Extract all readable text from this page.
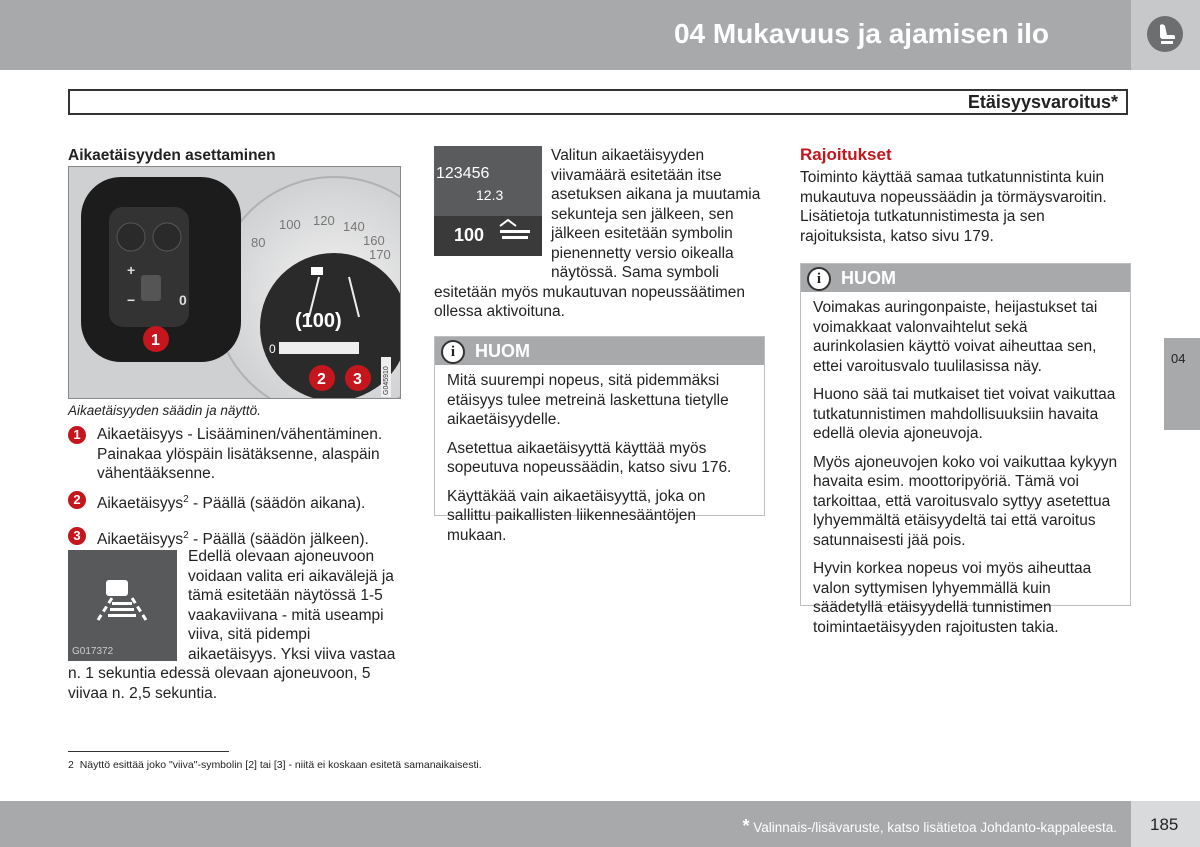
04 Mukavuus ja ajamisen ilo
Etäisyysvaroitus*
Aikaetäisyyden asettaminen
80
100 120 140
160
170
+
−	0
(100)
0
G045910
1
2 3
Aikaetäisyyden säädin ja näyttö.
1	Aikaetäisyys - Lisääminen/vähentäminen. Painakaa ylöspäin lisätäksenne, alaspäin vähentääksenne.
2	Aikaetäisyys$^2$ - Päällä (säädön aikana).
3	Aikaetäisyys$^2$ - Päällä (säädön jälkeen).
G017372
Edellä olevaan ajoneuvoon voidaan valita eri aikavälejä ja tämä esitetään näytössä 1-5 vaakaviivana - mitä useampi viiva, sitä pidempi aikaetäisyys. Yksi viiva vastaa n. 1 sekuntia edessä olevaan ajoneuvoon, 5 viivaa n. 2,5 sekuntia.
123456
12.3
100
Valitun aikaetäisyyden viivamäärä esitetään itse asetuksen aikana ja muutamia sekunteja sen jälkeen, sen jälkeen esitetään symbolin pienennetty versio oikealla näytössä. Sama symboli esitetään myös mukautuvan nopeussäätimen ollessa aktivoituna.
i	HUOM
Mitä suurempi nopeus, sitä pidemmäksi etäisyys tulee metreinä laskettuna tietylle aikaetäisyydelle.
Asetettua aikaetäisyyttä käyttää myös sopeutuva nopeussäädin, katso sivu 176.
Käyttäkää vain aikaetäisyyttä, joka on sallittu paikallisten liikennesääntöjen mukaan.
Rajoitukset
Toiminto käyttää samaa tutkatunnistinta kuin mukautuva nopeussäädin ja törmäysvaroitin. Lisätietoja tutkatunnistimesta ja sen rajoituksista, katso sivu 179.
i	HUOM
Voimakas auringonpaiste, heijastukset tai voimakkaat valonvaihtelut sekä aurinkolasien käyttö voivat aiheuttaa sen, ettei varoitusvalo tuulilasissa näy.
Huono sää tai mutkaiset tiet voivat vaikuttaa tutkatunnistimen mahdollisuuksiin havaita edellä olevia ajoneuvoja.
Myös ajoneuvojen koko voi vaikuttaa kykyyn havaita esim. moottoripyöriä. Tämä voi tarkoittaa, että varoitusvalo syttyy asetettua lyhyemmältä etäisyydeltä tai että varoitus satunnaisesti jää pois.
Hyvin korkea nopeus voi myös aiheuttaa valon syttymisen lyhyemmällä kuin säädetyllä etäisyydellä tunnistimen toimintaetäisyyden rajoitusten takia.
04
2 Näyttö esittää joko "viiva"-symbolin [2] tai [3] - niitä ei koskaan esitetä samanaikaisesti.
* Valinnais-/lisävaruste, katso lisätietoa Johdanto-kappaleesta. 185
